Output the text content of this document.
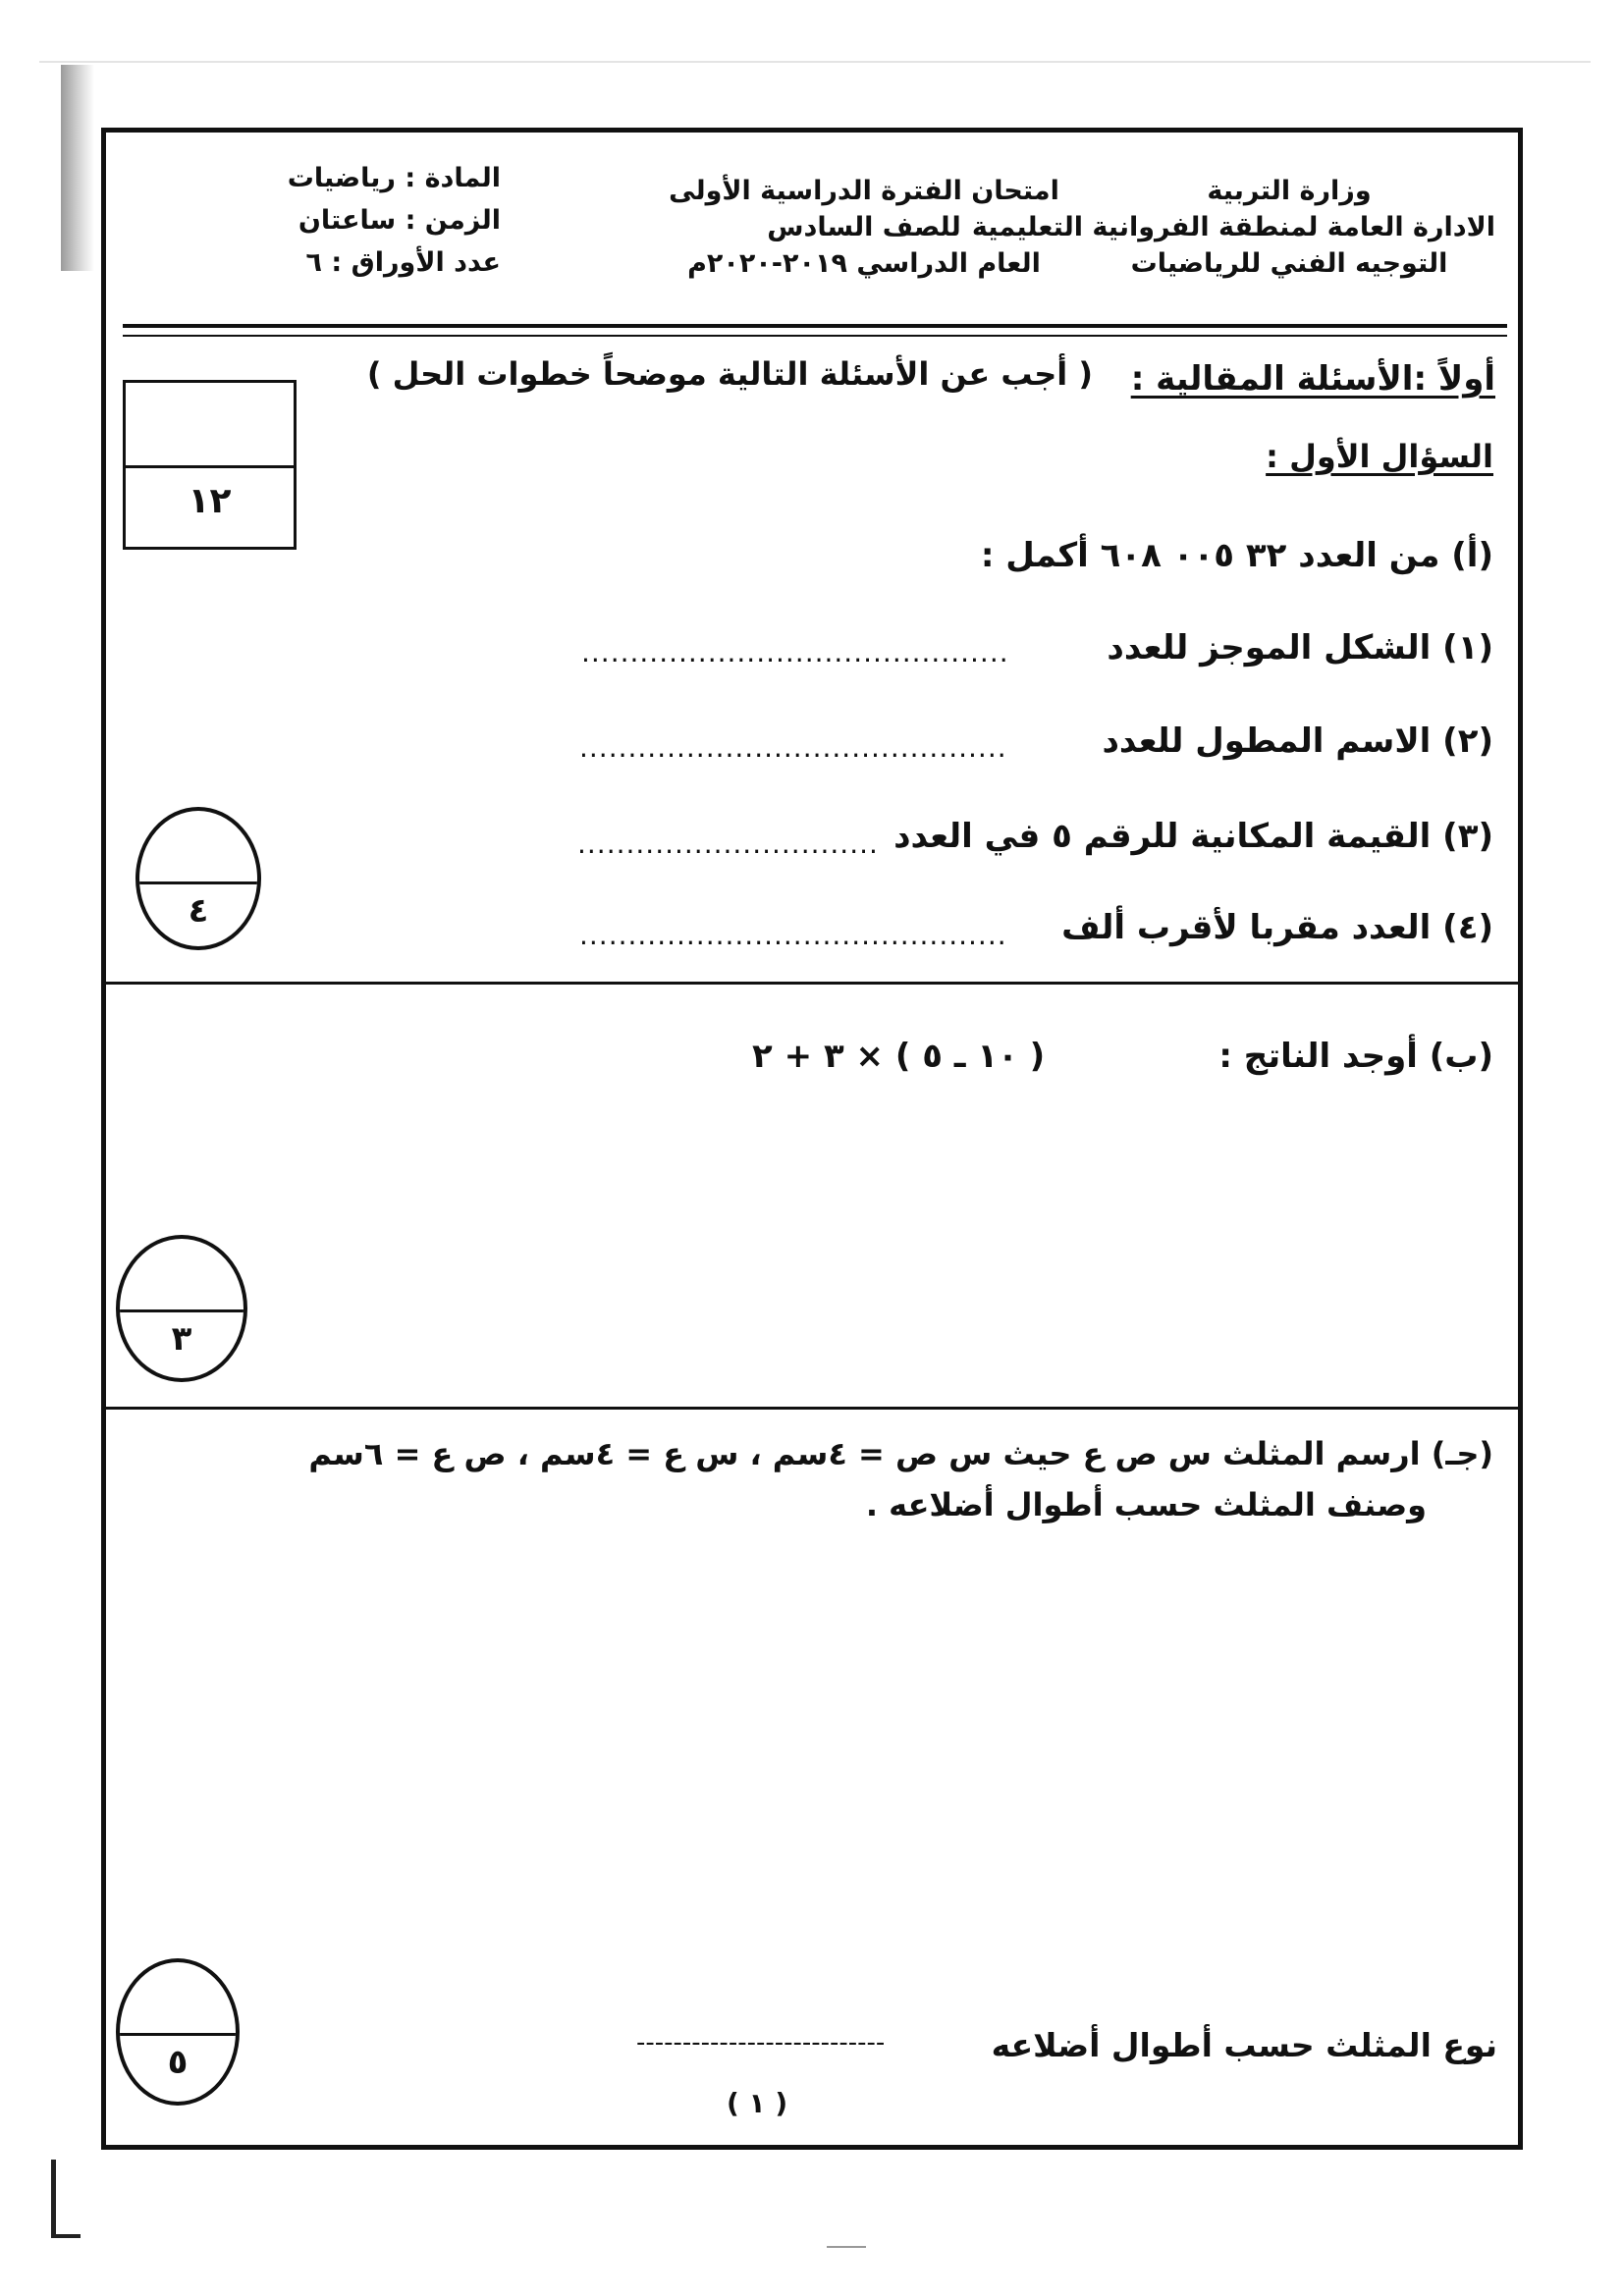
وزارة التربية
الادارة العامة لمنطقة الفروانية التعليمية
التوجيه الفني للرياضيات
امتحان الفترة الدراسية الأولى
للصف السادس
العام الدراسي ٢٠١٩-٢٠٢٠م
المادة : رياضيات
الزمن : ساعتان
عدد الأوراق : ٦
أولاً :الأسئلة المقالية :
( أجب عن الأسئلة التالية موضحاً خطوات الحل )
١٢
السؤال الأول :
(أ) من العدد ٣٢ ٠٠٥ ٦٠٨ أكمل :
(١) الشكل الموجز للعدد
............................................
(٢) الاسم المطول للعدد
............................................
(٣) القيمة المكانية للرقم ٥ في العدد
...............................
(٤) العدد مقربا لأقرب ألف
............................................
٤
(ب) أوجد الناتج :
( ١٠ ـ ٥ ) × ٣ + ٢
٣
(جـ) ارسم المثلث س ص ع حيث س ص = ٤سم ، س ع = ٤سم ، ص ع = ٦سم
وصنف المثلث حسب أطوال أضلاعه .
٥	نوع المثلث حسب أطوال أضلاعه
---------------------------
( ١ )
